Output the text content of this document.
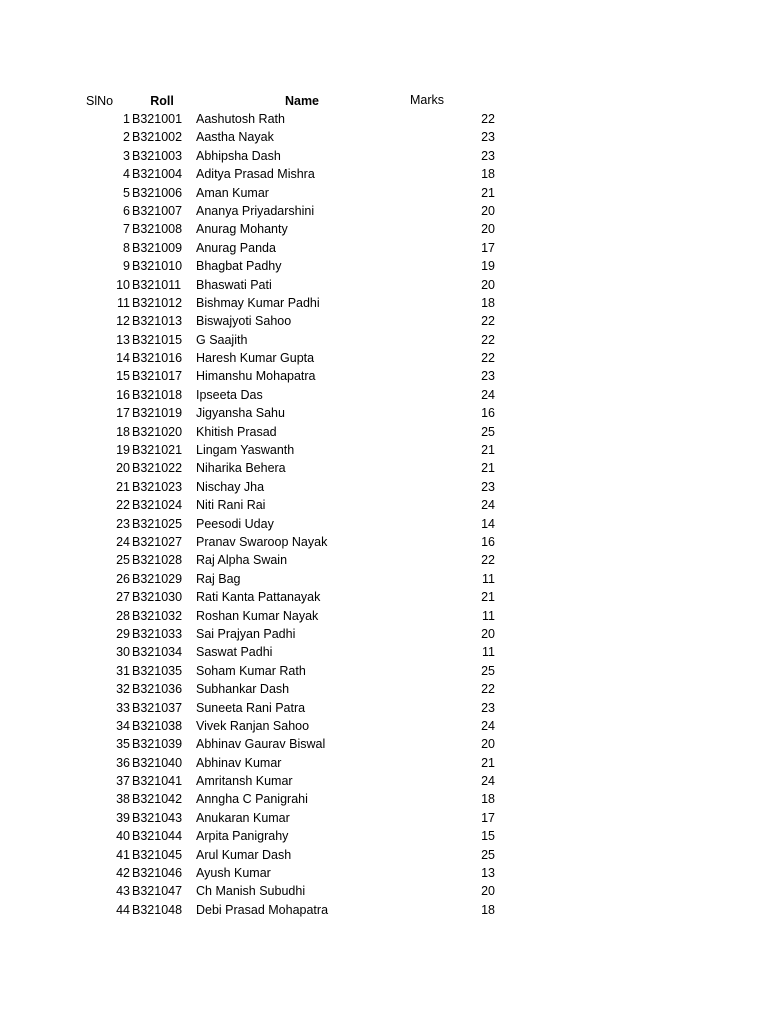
SlNo	Roll	Name	Marks
1 B321001 Aashutosh Rath	22
2 B321002 Aastha Nayak	23
3 B321003 Abhipsha Dash	23
4 B321004 Aditya Prasad Mishra	18
5 B321006 Aman Kumar	21
6 B321007 Ananya Priyadarshini	20
7 B321008 Anurag Mohanty	20
8 B321009 Anurag Panda	17
9 B321010 Bhagbat Padhy	19
10 B321011 Bhaswati Pati	20
11 B321012 Bishmay Kumar Padhi	18
12 B321013 Biswajyoti Sahoo	22
13 B321015 G Saajith	22
14 B321016 Haresh Kumar Gupta	22
15 B321017 Himanshu Mohapatra	23
16 B321018 Ipseeta Das	24
17 B321019 Jigyansha Sahu	16
18 B321020 Khitish Prasad	25
19 B321021 Lingam Yaswanth	21
20 B321022 Niharika Behera	21
21 B321023 Nischay Jha	23
22 B321024 Niti Rani Rai	24
23 B321025 Peesodi Uday	14
24 B321027 Pranav Swaroop Nayak	16
25 B321028 Raj Alpha Swain	22
26 B321029 Raj Bag	11
27 B321030 Rati Kanta Pattanayak	21
28 B321032 Roshan Kumar Nayak	11
29 B321033 Sai Prajyan Padhi	20
30 B321034 Saswat Padhi	11
31 B321035 Soham Kumar Rath	25
32 B321036 Subhankar Dash	22
33 B321037 Suneeta Rani Patra	23
34 B321038 Vivek Ranjan Sahoo	24
35 B321039 Abhinav Gaurav Biswal	20
36 B321040 Abhinav Kumar	21
37 B321041 Amritansh Kumar	24
38 B321042 Anngha C Panigrahi	18
39 B321043 Anukaran Kumar	17
40 B321044 Arpita Panigrahy	15
41 B321045 Arul Kumar Dash	25
42 B321046 Ayush Kumar	13
43 B321047 Ch Manish Subudhi	20
44 B321048 Debi Prasad Mohapatra	18
